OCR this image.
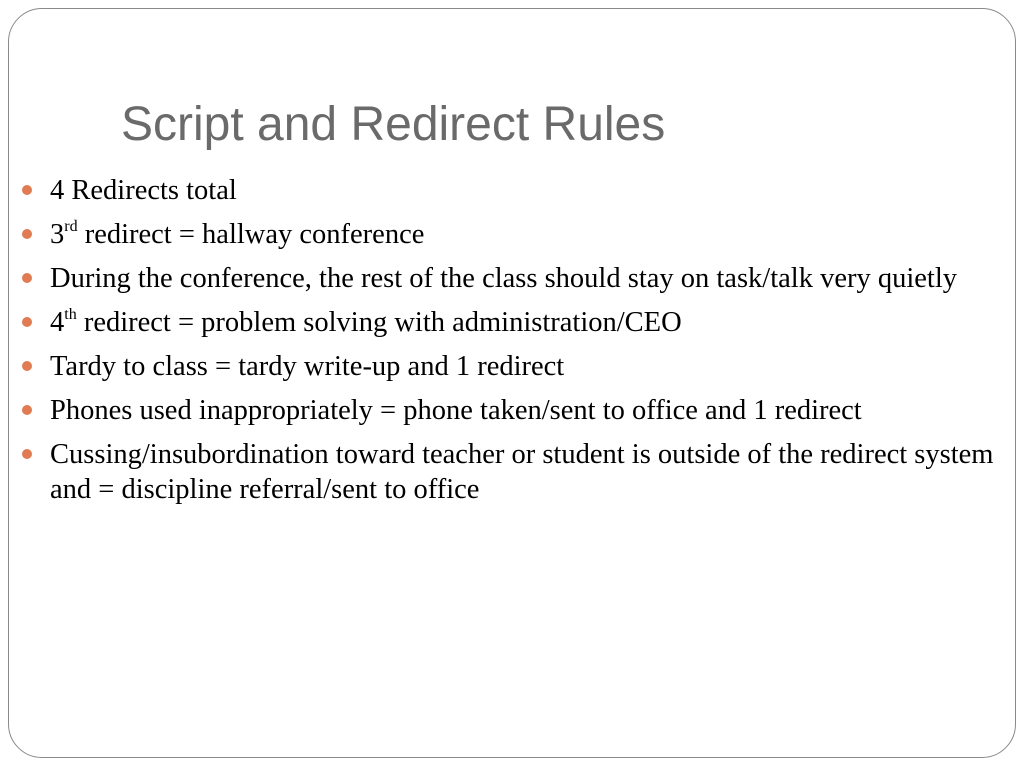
Script and Redirect Rules
4 Redirects total
3rd redirect = hallway conference
During the conference, the rest of the class should stay on task/talk very quietly
4th redirect = problem solving with administration/CEO
Tardy to class = tardy write-up and 1 redirect
Phones used inappropriately = phone taken/sent to office and 1 redirect
Cussing/insubordination toward teacher or student is outside of the redirect system and = discipline referral/sent to office
